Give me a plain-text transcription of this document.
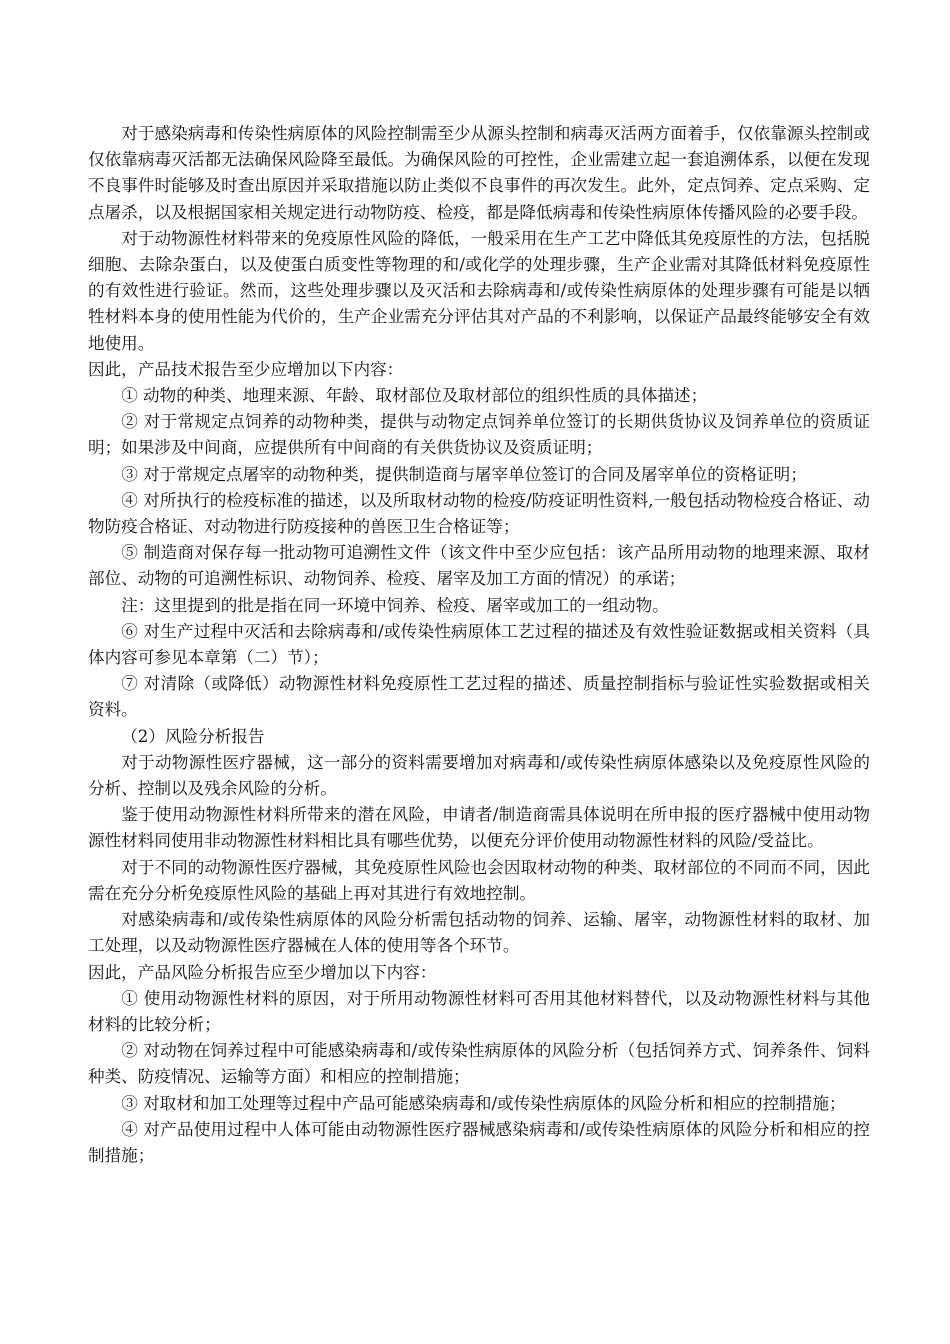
对于感染病毒和传染性病原体的风险控制需至少从源头控制和病毒灭活两方面着手，仅依靠源头控制或仅依靠病毒灭活都无法确保风险降至最低。为确保风险的可控性，企业需建立起一套追溯体系，以便在发现不良事件时能够及时查出原因并采取措施以防止类似不良事件的再次发生。此外，定点饲养、定点采购、定点屠杀，以及根据国家相关规定进行动物防疫、检疫，都是降低病毒和传染性病原体传播风险的必要手段。

对于动物源性材料带来的免疫原性风险的降低，一般采用在生产工艺中降低其免疫原性的方法，包括脱细胞、去除杂蛋白，以及使蛋白质变性等物理的和/或化学的处理步骤，生产企业需对其降低材料免疫原性的有效性进行验证。然而，这些处理步骤以及灭活和去除病毒和/或传染性病原体的处理步骤有可能是以牺牲材料本身的使用性能为代价的，生产企业需充分评估其对产品的不利影响，以保证产品最终能够安全有效地使用。

因此，产品技术报告至少应增加以下内容：

① 动物的种类、地理来源、年龄、取材部位及取材部位的组织性质的具体描述；

② 对于常规定点饲养的动物种类，提供与动物定点饲养单位签订的长期供货协议及饲养单位的资质证明；如果涉及中间商，应提供所有中间商的有关供货协议及资质证明；

③ 对于常规定点屠宰的动物种类，提供制造商与屠宰单位签订的合同及屠宰单位的资格证明；

④ 对所执行的检疫标准的描述，以及所取材动物的检疫/防疫证明性资料,一般包括动物检疫合格证、动物防疫合格证、对动物进行防疫接种的兽医卫生合格证等；

⑤ 制造商对保存每一批动物可追溯性文件（该文件中至少应包括：该产品所用动物的地理来源、取材部位、动物的可追溯性标识、动物饲养、检疫、屠宰及加工方面的情况）的承诺；

注：这里提到的批是指在同一环境中饲养、检疫、屠宰或加工的一组动物。

⑥ 对生产过程中灭活和去除病毒和/或传染性病原体工艺过程的描述及有效性验证数据或相关资料（具体内容可参见本章第（二）节）；

⑦ 对清除（或降低）动物源性材料免疫原性工艺过程的描述、质量控制指标与验证性实验数据或相关资料。

（2）风险分析报告

对于动物源性医疗器械，这一部分的资料需要增加对病毒和/或传染性病原体感染以及免疫原性风险的分析、控制以及残余风险的分析。

鉴于使用动物源性材料所带来的潜在风险，申请者/制造商需具体说明在所申报的医疗器械中使用动物源性材料同使用非动物源性材料相比具有哪些优势，以便充分评价使用动物源性材料的风险/受益比。

对于不同的动物源性医疗器械，其免疫原性风险也会因取材动物的种类、取材部位的不同而不同，因此需在充分分析免疫原性风险的基础上再对其进行有效地控制。

对感染病毒和/或传染性病原体的风险分析需包括动物的饲养、运输、屠宰，动物源性材料的取材、加工处理，以及动物源性医疗器械在人体的使用等各个环节。

因此，产品风险分析报告应至少增加以下内容：

① 使用动物源性材料的原因，对于所用动物源性材料可否用其他材料替代，以及动物源性材料与其他材料的比较分析；

② 对动物在饲养过程中可能感染病毒和/或传染性病原体的风险分析（包括饲养方式、饲养条件、饲料种类、防疫情况、运输等方面）和相应的控制措施；

③ 对取材和加工处理等过程中产品可能感染病毒和/或传染性病原体的风险分析和相应的控制措施；

④ 对产品使用过程中人体可能由动物源性医疗器械感染病毒和/或传染性病原体的风险分析和相应的控制措施；
